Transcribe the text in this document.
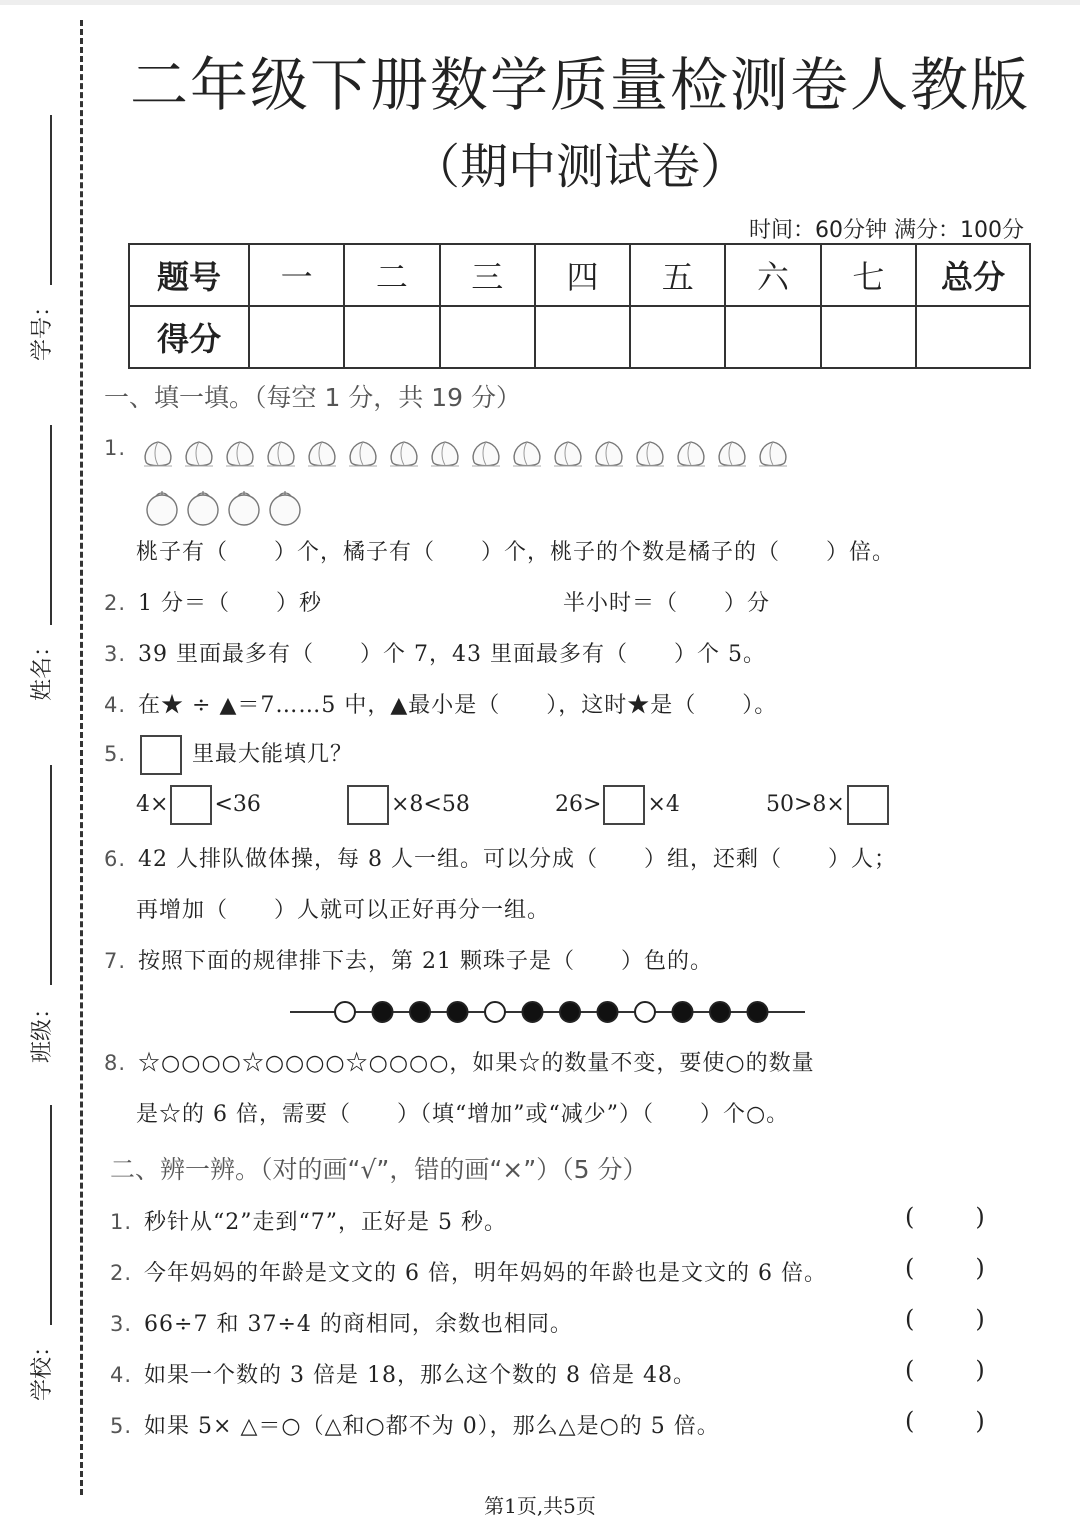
学号：
姓名：
班级：
学校：
二年级下册数学质量检测卷人教版
（期中测试卷）
时间：60分钟 满分：100分
题号	一	二	三	四	五	六	七	总分
得分								
一、填一填。（每空 1 分，共 19 分）
1.
桃子有（　　）个，橘子有（　　）个，桃子的个数是橘子的（　　）倍。
2. 1 分＝（　　）秒	半小时＝（　　）分
3. 39 里面最多有（　　）个 7，43 里面最多有（　　）个 5。
4. 在★ ÷ ▲＝7……5 中，▲最小是（　　），这时★是（　　）。
5.	里最大能填几？
4× <36	×8<58	26> ×4	50>8×
6. 42 人排队做体操，每 8 人一组。可以分成（　　）组，还剩（　　）人；
再增加（　　）人就可以正好再分一组。
7. 按照下面的规律排下去，第 21 颗珠子是（　　）色的。
8. ☆○○○○☆○○○○☆○○○○，如果☆的数量不变，要使○的数量
是☆的 6 倍，需要（　　）（填“增加”或“减少”）（　　）个○。
二、辨一辨。（对的画“√”，错的画“×”）（5 分）
1. 秒针从“2”走到“7”，正好是 5 秒。	(        )
2. 今年妈妈的年龄是文文的 6 倍，明年妈妈的年龄也是文文的 6 倍。	(        )
3. 66÷7 和 37÷4 的商相同，余数也相同。	(        )
4. 如果一个数的 3 倍是 18，那么这个数的 8 倍是 48。	(        )
5. 如果 5× △＝○（△和○都不为 0），那么△是○的 5 倍。	(        )
第1页,共5页
